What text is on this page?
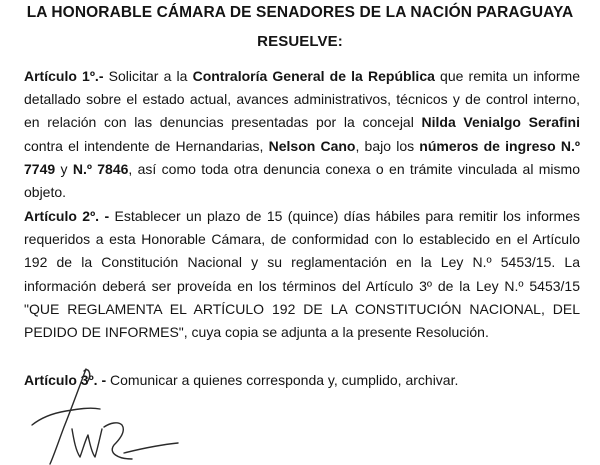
LA HONORABLE CÁMARA DE SENADORES DE LA NACIÓN PARAGUAYA
RESUELVE:
Artículo 1º.- Solicitar a la Contraloría General de la República que remita un informe detallado sobre el estado actual, avances administrativos, técnicos y de control interno, en relación con las denuncias presentadas por la concejal Nilda Venialgo Serafini contra el intendente de Hernandarias, Nelson Cano, bajo los números de ingreso N.º 7749 y N.º 7846, así como toda otra denuncia conexa o en trámite vinculada al mismo objeto.
Artículo 2º. - Establecer un plazo de 15 (quince) días hábiles para remitir los informes requeridos a esta Honorable Cámara, de conformidad con lo establecido en el Artículo 192 de la Constitución Nacional y su reglamentación en la Ley N.º 5453/15. La información deberá ser proveída en los términos del Artículo 3º de la Ley N.º 5453/15 "QUE REGLAMENTA EL ARTÍCULO 192 DE LA CONSTITUCIÓN NACIONAL, DEL PEDIDO DE INFORMES", cuya copia se adjunta a la presente Resolución.
Artículo 3º. - Comunicar a quienes corresponda y, cumplido, archivar.
